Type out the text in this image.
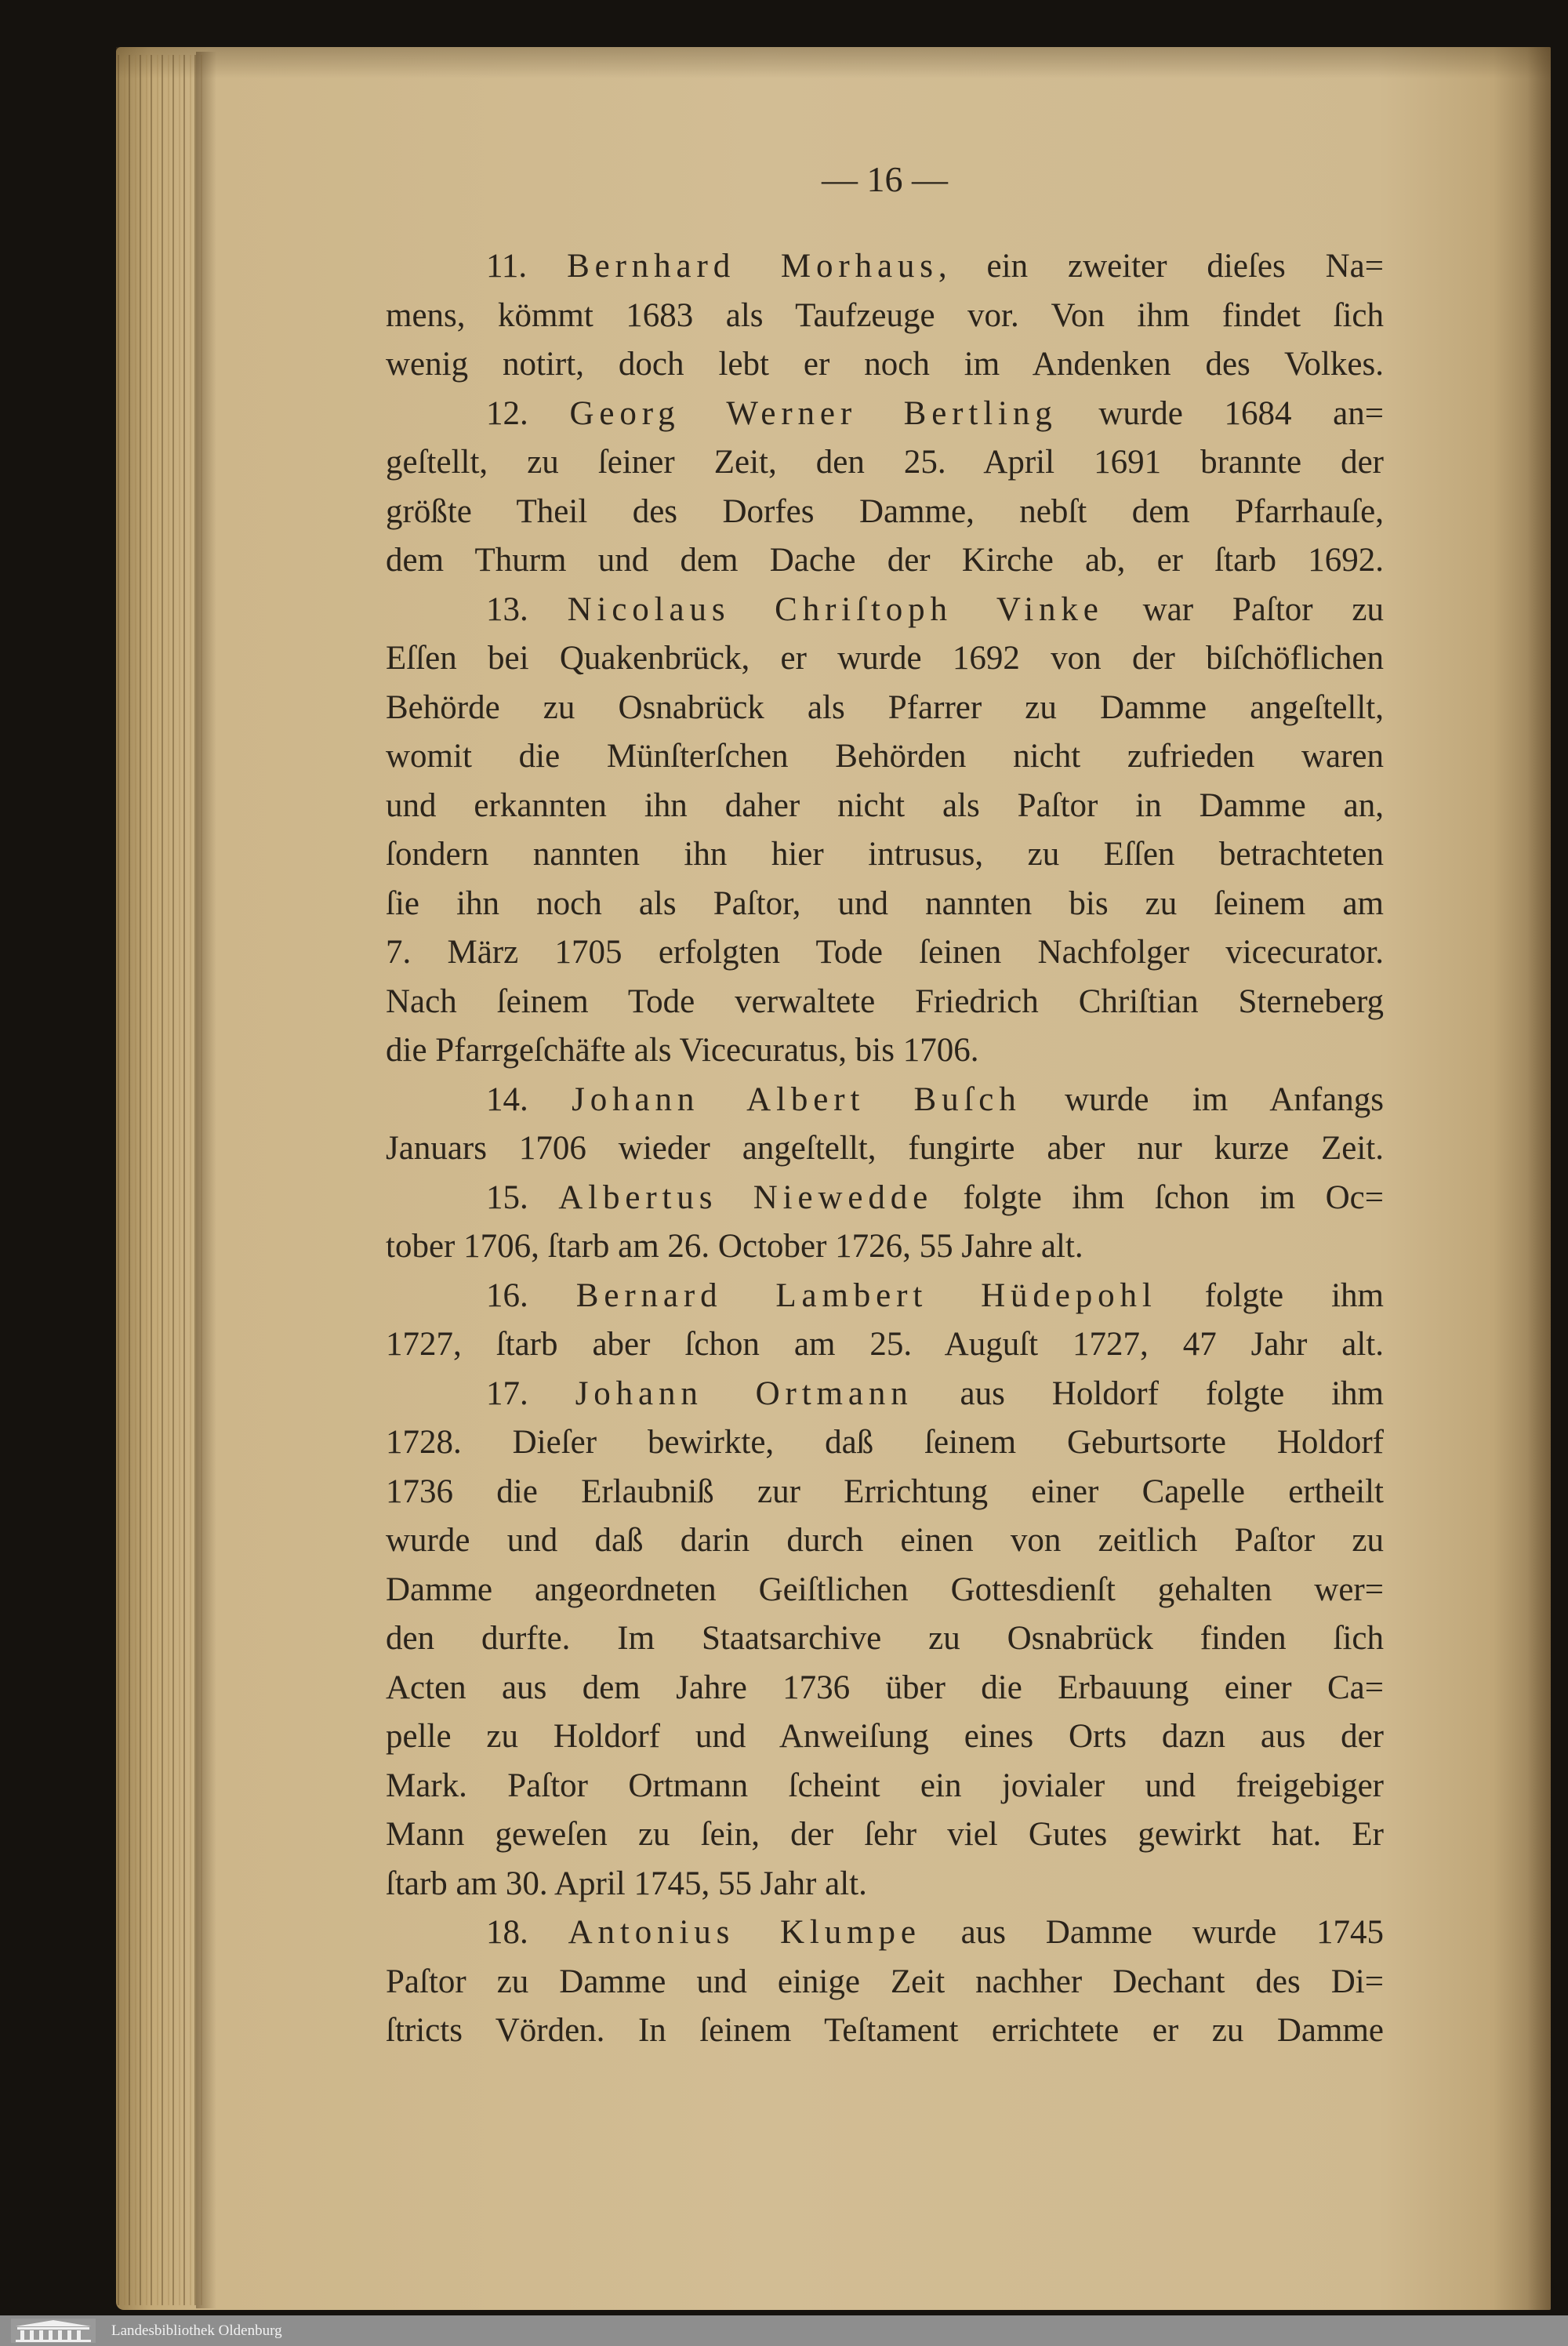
— 16 —
11. Bernhard Morhaus, ein zweiter dieſes Na=
mens, kömmt 1683 als Taufzeuge vor. Von ihm findet ſich
wenig notirt, doch lebt er noch im Andenken des Volkes.
12. Georg Werner Bertling wurde 1684 an=
geſtellt, zu ſeiner Zeit, den 25. April 1691 brannte der
größte Theil des Dorfes Damme, nebſt dem Pfarrhauſe,
dem Thurm und dem Dache der Kirche ab, er ſtarb 1692.
13. Nicolaus Chriſtoph Vinke war Paſtor zu
Eſſen bei Quakenbrück, er wurde 1692 von der biſchöflichen
Behörde zu Osnabrück als Pfarrer zu Damme angeſtellt,
womit die Münſterſchen Behörden nicht zufrieden waren
und erkannten ihn daher nicht als Paſtor in Damme an,
ſondern nannten ihn hier intrusus, zu Eſſen betrachteten
ſie ihn noch als Paſtor, und nannten bis zu ſeinem am
7. März 1705 erfolgten Tode ſeinen Nachfolger vicecurator.
Nach ſeinem Tode verwaltete Friedrich Chriſtian Sterneberg
die Pfarrgeſchäfte als Vicecuratus, bis 1706.
14. Johann Albert Buſch wurde im Anfangs
Januars 1706 wieder angeſtellt, fungirte aber nur kurze Zeit.
15. Albertus Niewedde folgte ihm ſchon im Oc=
tober 1706, ſtarb am 26. October 1726, 55 Jahre alt.
16. Bernard Lambert Hüdepohl folgte ihm
1727, ſtarb aber ſchon am 25. Auguſt 1727, 47 Jahr alt.
17. Johann Ortmann aus Holdorf folgte ihm
1728. Dieſer bewirkte, daß ſeinem Geburtsorte Holdorf
1736 die Erlaubniß zur Errichtung einer Capelle ertheilt
wurde und daß darin durch einen von zeitlich Paſtor zu
Damme angeordneten Geiſtlichen Gottesdienſt gehalten wer=
den durfte. Im Staatsarchive zu Osnabrück finden ſich
Acten aus dem Jahre 1736 über die Erbauung einer Ca=
pelle zu Holdorf und Anweiſung eines Orts dazn aus der
Mark. Paſtor Ortmann ſcheint ein jovialer und freigebiger
Mann geweſen zu ſein, der ſehr viel Gutes gewirkt hat. Er
ſtarb am 30. April 1745, 55 Jahr alt.
18. Antonius Klumpe aus Damme wurde 1745
Paſtor zu Damme und einige Zeit nachher Dechant des Di=
ſtricts Vörden. In ſeinem Teſtament errichtete er zu Damme
Landesbibliothek Oldenburg
